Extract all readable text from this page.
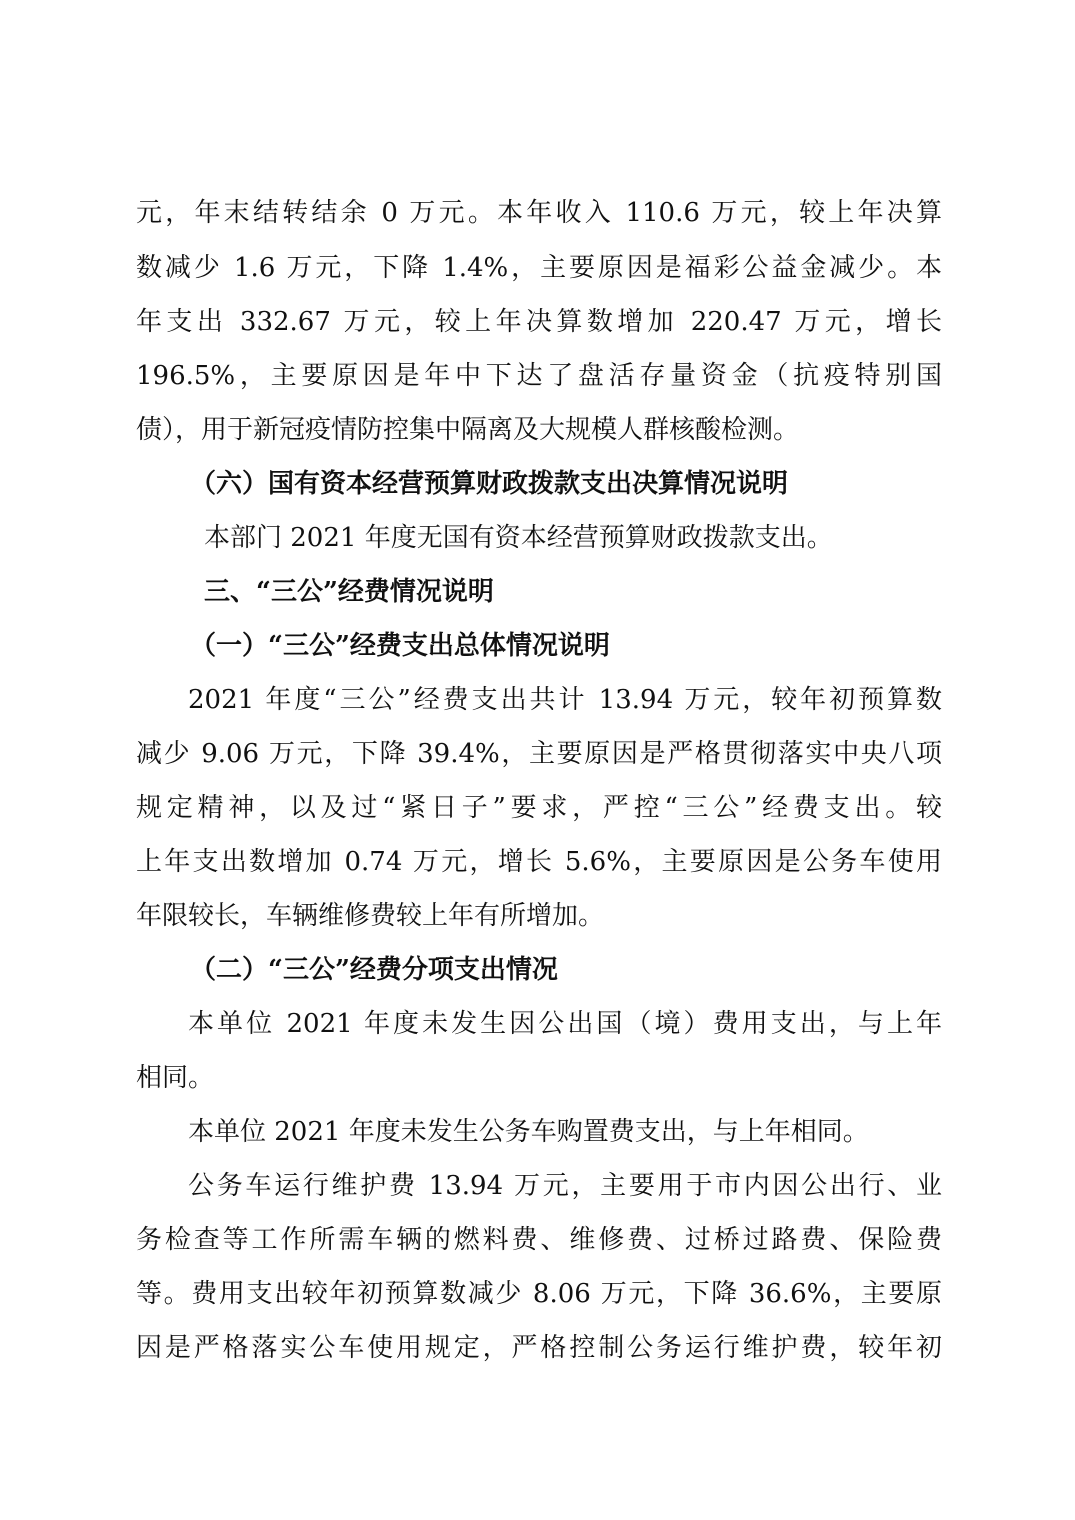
元，年末结转结余 0 万元。本年收入 110.6 万元，较上年决算
数减少 1.6 万元，下降 1.4%，主要原因是福彩公益金减少。本
年支出 332.67 万元，较上年决算数增加 220.47 万元，增长
196.5%，主要原因是年中下达了盘活存量资金（抗疫特别国
债），用于新冠疫情防控集中隔离及大规模人群核酸检测。
（六）国有资本经营预算财政拨款支出决算情况说明
本部门 2021 年度无国有资本经营预算财政拨款支出。
三、“三公”经费情况说明
（一）“三公”经费支出总体情况说明
2021 年度“三公”经费支出共计 13.94 万元，较年初预算数
减少 9.06 万元，下降 39.4%，主要原因是严格贯彻落实中央八项
规定精神，以及过“紧日子”要求，严控“三公”经费支出。较
上年支出数增加 0.74 万元，增长 5.6%，主要原因是公务车使用
年限较长，车辆维修费较上年有所增加。
（二）“三公”经费分项支出情况
本单位 2021 年度未发生因公出国（境）费用支出，与上年
相同。
本单位 2021 年度未发生公务车购置费支出，与上年相同。
公务车运行维护费 13.94 万元，主要用于市内因公出行、业
务检查等工作所需车辆的燃料费、维修费、过桥过路费、保险费
等。费用支出较年初预算数减少 8.06 万元，下降 36.6%，主要原
因是严格落实公车使用规定，严格控制公务运行维护费，较年初
